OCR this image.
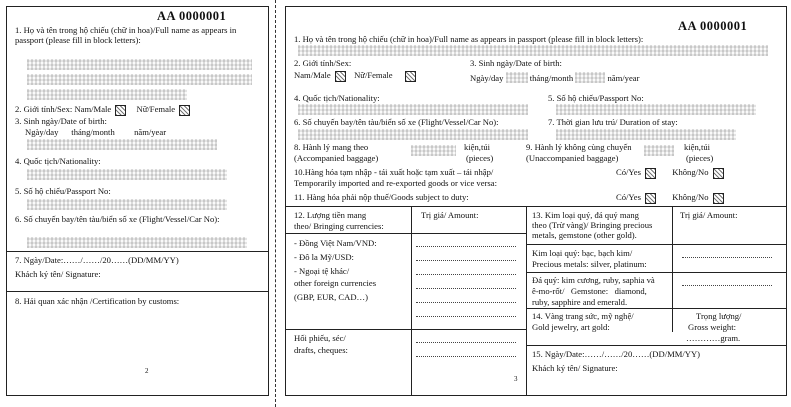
AA 0000001
1. Họ và tên trong hộ chiếu (chữ in hoa)/Full name as appears in passport (please fill in block letters):
2. Giới tính/Sex: Nam/Male	Nữ/Female
3. Sinh ngày/Date of birth:
Ngày/day      tháng/month         năm/year
4. Quốc tịch/Nationality:
5. Số hộ chiếu/Passport No:
6. Số chuyến bay/tên tàu/biển số xe (Flight/Vessel/Car No):
7. Ngày/Date:……/……/20……(DD/MM/YY)
Khách ký tên/ Signature:
8. Hải quan xác nhận /Certification by customs:
2
AA 0000001
1. Họ và tên trong hộ chiếu (chữ in hoa)/Full name as appears in passport (please fill in block letters):
2. Giới tính/Sex:
Nam/Male	Nữ/Female
3. Sinh ngày/Date of birth:
Ngày/day	tháng/month	năm/year
4. Quốc tịch/Nationality:	5. Số hộ chiếu/Passport No:
6. Số chuyến bay/tên tàu/biển số xe (Flight/Vessel/Car No):	7. Thời gian lưu trú/ Duration of stay:
8. Hành lý mang theo
(Accompanied baggage)
kiện,túi
(pieces)
9. Hành lý không cùng chuyến
(Unaccompanied baggage)
kiện,túi
(pieces)
10.Hàng hóa tạm nhập - tái xuất hoặc tạm xuất – tái nhập/
Temporarily imported and re-exported goods or vice versa:
Có/Yes	Không/No
11. Hàng hóa phải nộp thuế/Goods subject to duty:	Có/Yes	Không/No
12. Lượng tiền mang
theo/ Bringing currencies:
Trị giá/ Amount:
- Đồng Việt Nam/VND:
- Đô la Mỹ/USD:
- Ngoại tệ khác/
other foreign currencies
(GBP, EUR, CAD…)
Hối phiếu, séc/
drafts, cheques:
13. Kim loại quý, đá quý mang
theo (Trừ vàng)/ Bringing precious
metals, gemstone (other gold).
Trị giá/ Amount:
Kim loại quý: bạc, bạch kim/
Precious metals: silver, platinum:
Đá quý: kim cương, ruby, saphia và
ê-mo-rốt/   Gemstone:   diamond,
ruby, sapphire and emerald.
14. Vàng trang sức, mỹ nghệ/
Gold jewelry, art gold:
Trọng lượng/
Gross weight:
…………gram.
15. Ngày/Date:……/……/20……(DD/MM/YY)
Khách ký tên/ Signature:
3
